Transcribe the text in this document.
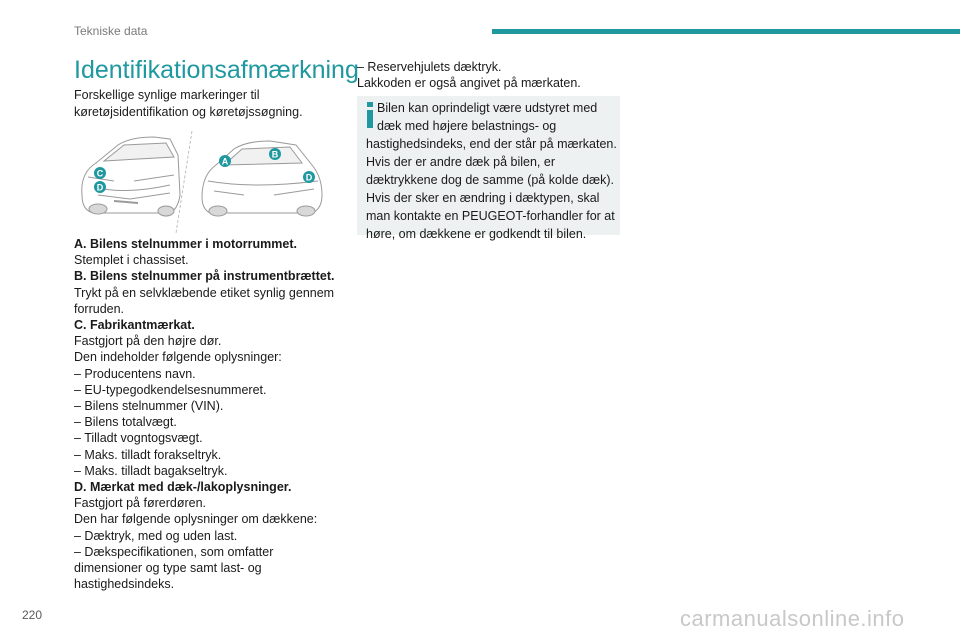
Tekniske data
Identifikationsafmærkning
Forskellige synlige markeringer til
køretøjsidentifikation og køretøjssøgning.
A
B
C
D
D
A. Bilens stelnummer i motorrummet.
Stemplet i chassiset.
B. Bilens stelnummer på instrumentbrættet.
Trykt på en selvklæbende etiket synlig gennem
forruden.
C. Fabrikantmærkat.
Fastgjort på den højre dør.
Den indeholder følgende oplysninger:
– Producentens navn.
– EU-typegodkendelsesnummeret.
– Bilens stelnummer (VIN).
– Bilens totalvægt.
– Tilladt vogntogsvægt.
– Maks. tilladt forakseltryk.
– Maks. tilladt bagakseltryk.
D. Mærkat med dæk-/lakoplysninger.
Fastgjort på førerdøren.
Den har følgende oplysninger om dækkene:
– Dæktryk, med og uden last.
– Dækspecifikationen, som omfatter
dimensioner og type samt last- og
hastighedsindeks.
– Reservehjulets dæktryk.
Lakkoden er også angivet på mærkaten.
Bilen kan oprindeligt være udstyret med
dæk med højere belastnings- og
hastighedsindeks, end der står på mærkaten.
Hvis der er andre dæk på bilen, er
dæktrykkene dog de samme (på kolde dæk).
Hvis der sker en ændring i dæktypen, skal
man kontakte en PEUGEOT-forhandler for at
høre, om dækkene er godkendt til bilen.
220	carmanualsonline.info
